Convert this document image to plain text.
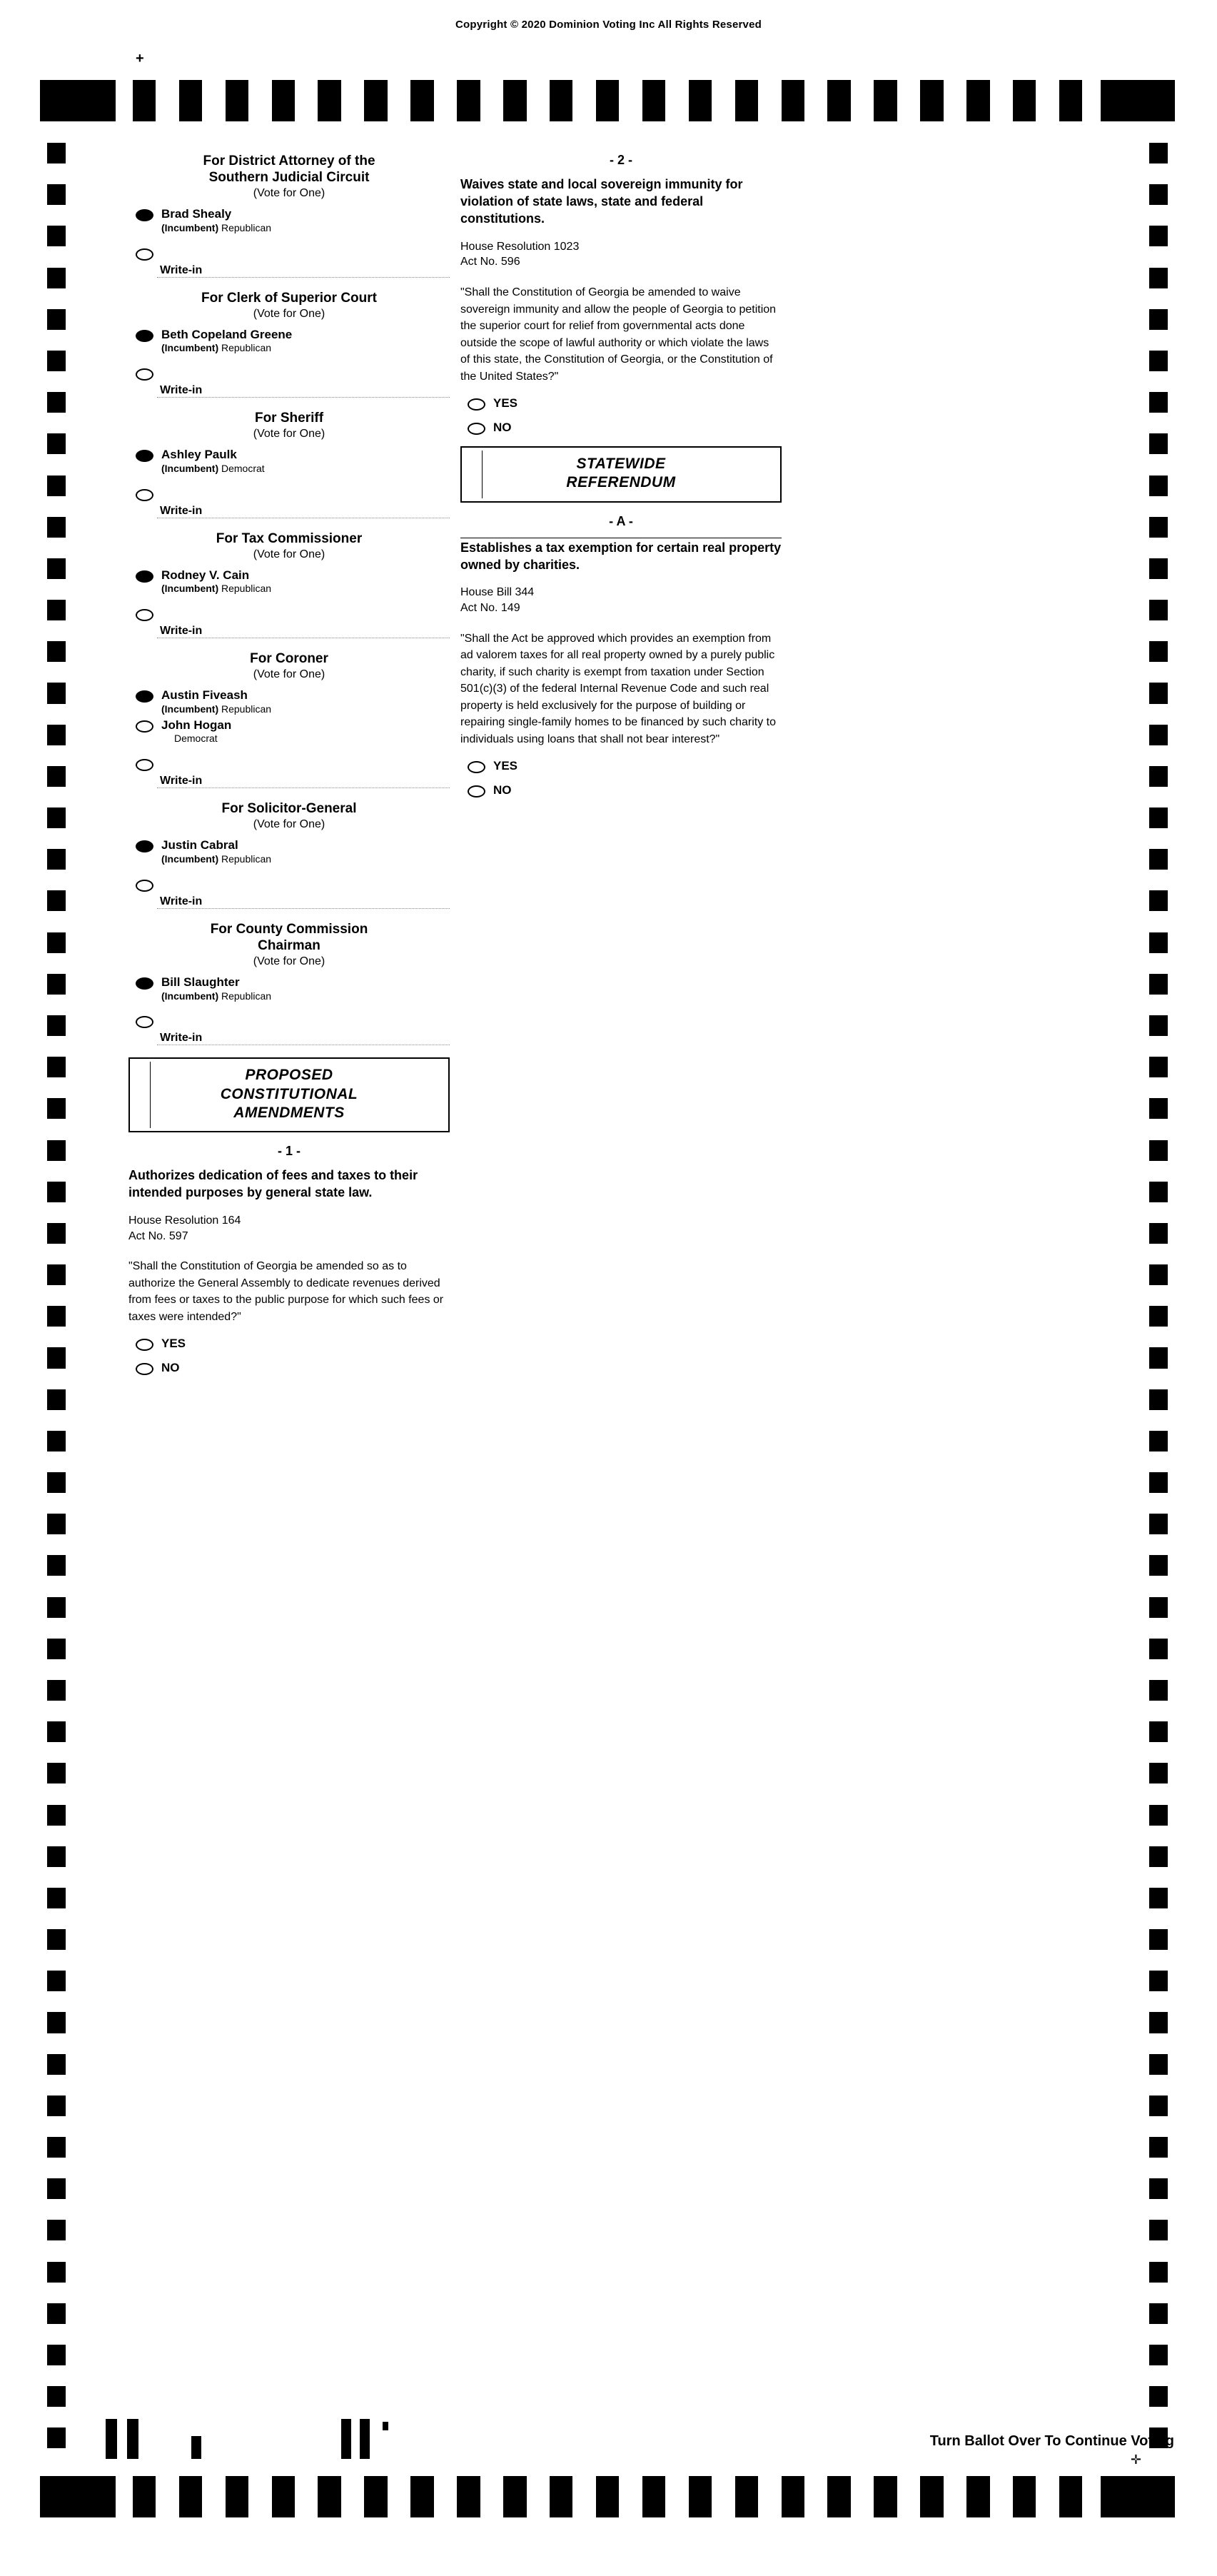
Copyright © 2020 Dominion Voting Inc All Rights Reserved
+
Turn Ballot Over To Continue Voting
✛
For District Attorney of the
Southern Judicial Circuit
(Vote for One)
Brad Shealy
(Incumbent) Republican
Write-in
For Clerk of Superior Court
(Vote for One)
Beth Copeland Greene
(Incumbent) Republican
Write-in
For Sheriff
(Vote for One)
Ashley Paulk
(Incumbent) Democrat
Write-in
For Tax Commissioner
(Vote for One)
Rodney V. Cain
(Incumbent) Republican
Write-in
For Coroner
(Vote for One)
Austin Fiveash
(Incumbent) Republican
John Hogan
Democrat
Write-in
For Solicitor-General
(Vote for One)
Justin Cabral
(Incumbent) Republican
Write-in
For County Commission
Chairman
(Vote for One)
Bill Slaughter
(Incumbent) Republican
Write-in
PROPOSED
CONSTITUTIONAL
AMENDMENTS
- 1 -
Authorizes dedication of fees and taxes to their intended purposes by general state law.
House Resolution 164
Act No. 597
"Shall the Constitution of Georgia be amended so as to authorize the General Assembly to dedicate revenues derived from fees or taxes to the public purpose for which such fees or taxes were intended?"
YES
NO
- 2 -
Waives state and local sovereign immunity for violation of state laws, state and federal constitutions.
House Resolution 1023
Act No. 596
"Shall the Constitution of Georgia be amended to waive sovereign immunity and allow the people of Georgia to petition the superior court for relief from governmental acts done outside the scope of lawful authority or which violate the laws of this state, the Constitution of Georgia, or the Constitution of the United States?"
YES
NO
STATEWIDE
REFERENDUM
- A -
Establishes a tax exemption for certain real property owned by charities.
House Bill 344
Act No. 149
"Shall the Act be approved which provides an exemption from ad valorem taxes for all real property owned by a purely public charity, if such charity is exempt from taxation under Section 501(c)(3) of the federal Internal Revenue Code and such real property is held exclusively for the purpose of building or repairing single-family homes to be financed by such charity to individuals using loans that shall not bear interest?"
YES
NO
